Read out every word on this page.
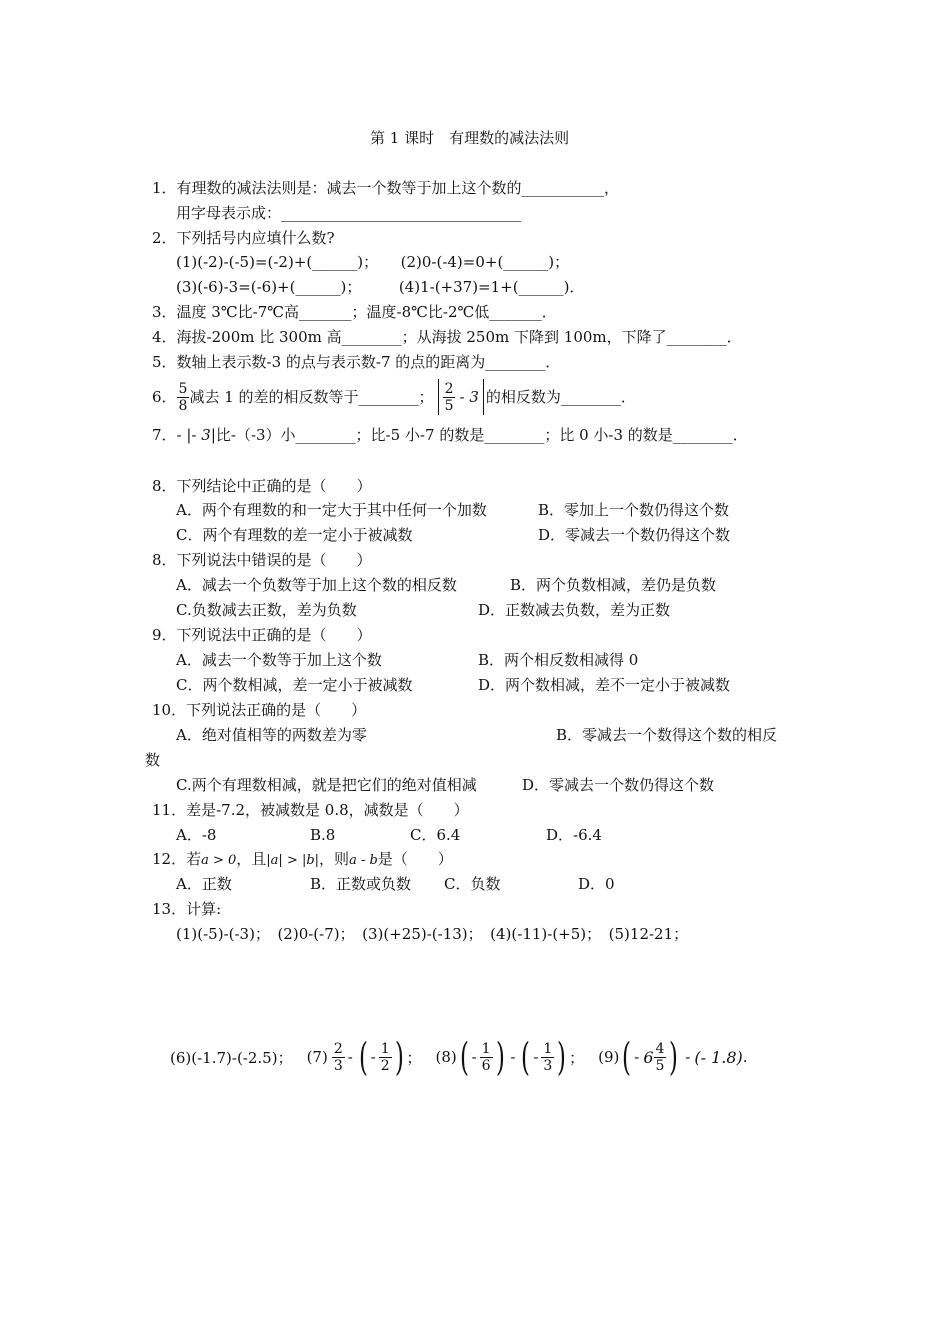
第 1 课时　有理数的减法法则
1．有理数的减法法则是：减去一个数等于加上这个数的___________，
用字母表示成：________________________________
2．下列括号内应填什么数?
(1)(-2)-(-5)=(-2)+(______)；　　(2)0-(-4)=0+(______)；
(3)(-6)-3=(-6)+(______)；　　　(4)1-(+37)=1+(______)．
3．温度 3℃比-7℃高_______；温度-8℃比-2℃低_______．
4．海拔-200m 比 300m 高________；从海拔 250m 下降到 100m，下降了________．
5．数轴上表示数-3 的点与表示数-7 的点的距离为________．
6． $\frac{5}{8}$ 减去 1 的差的相反数等于________； $\frac{2}{5} - 3$ 的相反数为________．
7．- |- 3|比-（-3）小________；比-5 小-7 的数是________；比 0 小-3 的数是________．
8．下列结论中正确的是（　　）
A．两个有理数的和一定大于其中任何一个加数	B．零加上一个数仍得这个数
C．两个有理数的差一定小于被减数	D．零减去一个数仍得这个数
8．下列说法中错误的是（　　）
A．减去一个负数等于加上这个数的相反数	B．两个负数相减，差仍是负数
C.负数减去正数，差为负数	D．正数减去负数，差为正数
9．下列说法中正确的是（　　）
A．减去一个数等于加上这个数	B．两个相反数相减得 0
C．两个数相减，差一定小于被减数	D．两个数相减，差不一定小于被减数
10．下列说法正确的是（　　）
A．绝对值相等的两数差为零	B．零减去一个数得这个数的相反
数
C.两个有理数相减，就是把它们的绝对值相减	D．零减去一个数仍得这个数
11．差是-7.2，被减数是 0.8，减数是（　　）
A．-8	B.8	C．6.4	D．-6.4
12．若a > 0，且|a| > |b|，则a - b是（　　）
A．正数	B．正数或负数 C．负数	D．0
13．计算:
(1)(-5)-(-3)；　(2)0-(-7)；　(3)(+25)-(-13)；　(4)(-11)-(+5)；　(5)12-21；
(6)(-1.7)-(-2.5)； $(7) \frac{2}{3}$ - ( - $\frac{1}{2}$ ) ； (8) ( - $\frac{1}{6}$ ) - ( - $\frac{1}{3}$ ) ； (9) ( - $6 \frac{4}{5}$ ) - (- 1.8) .
